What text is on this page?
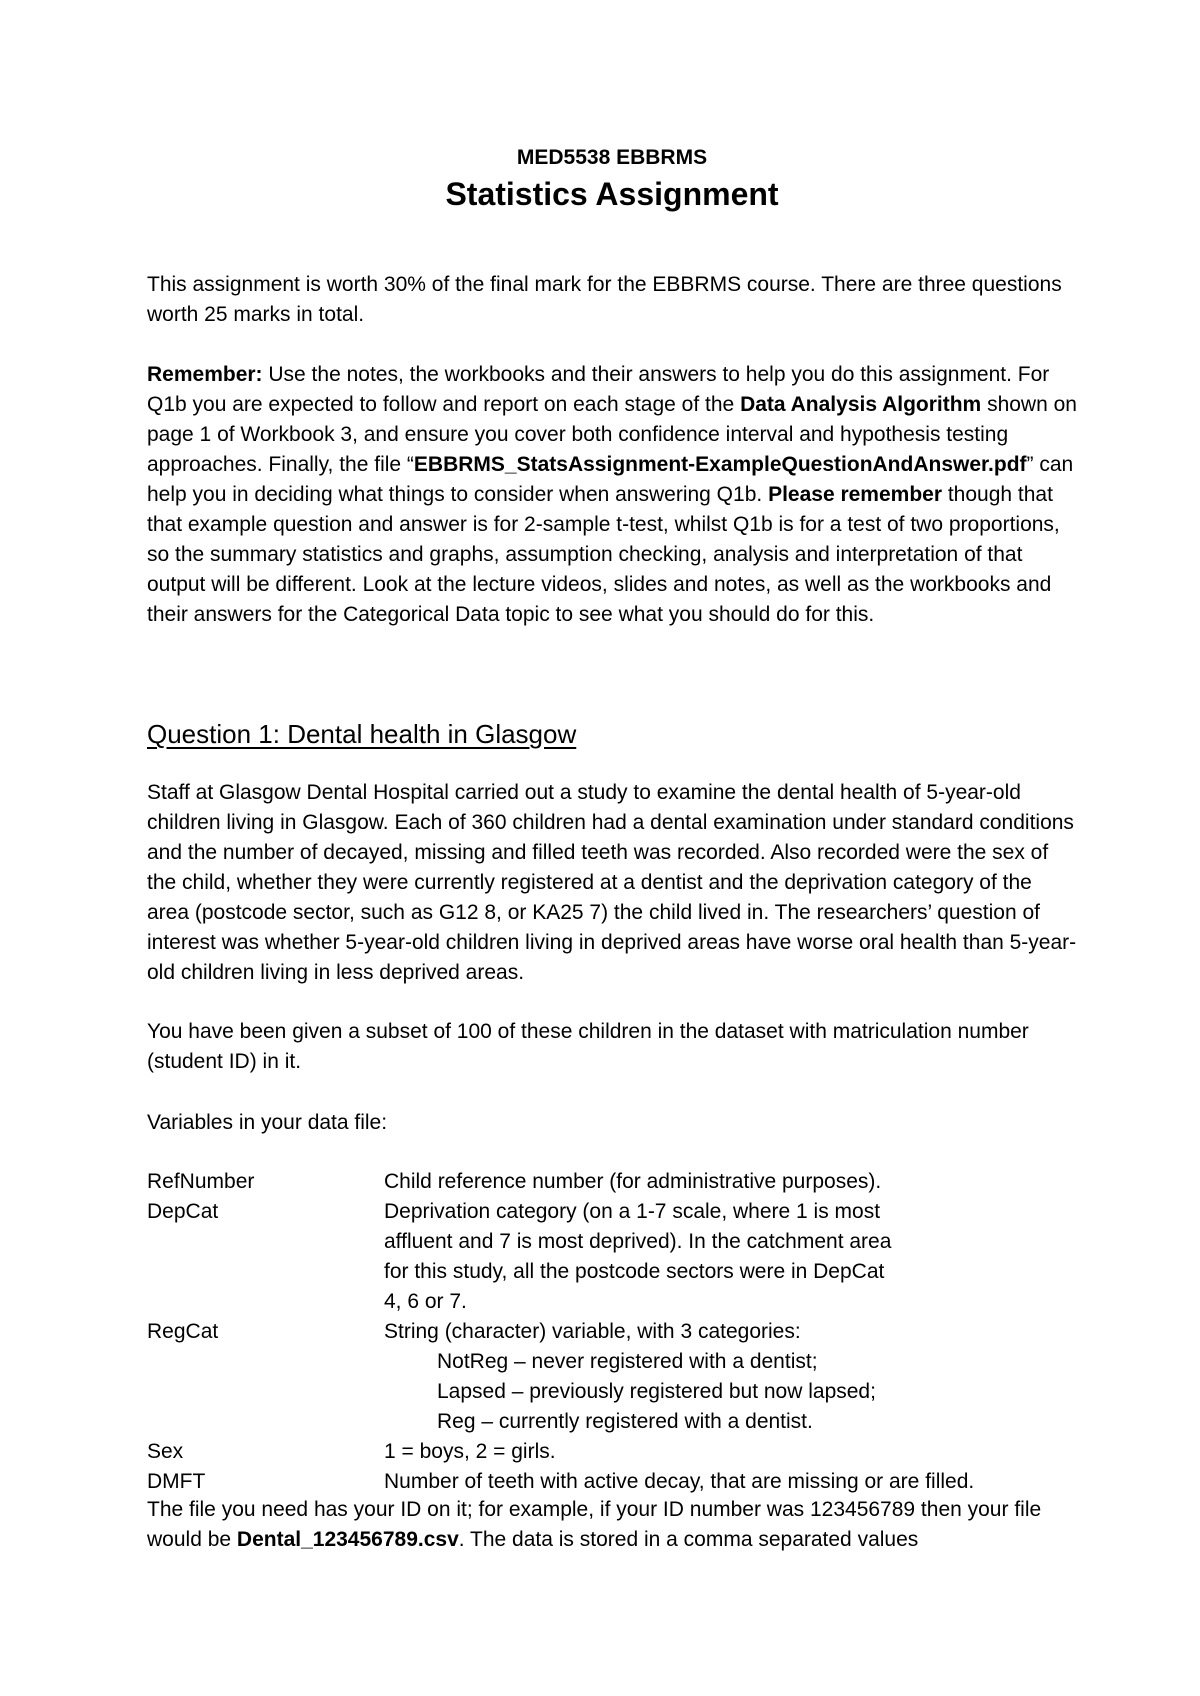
MED5538 EBBRMS
Statistics Assignment

This assignment is worth 30% of the final mark for the EBBRMS course. There are three questions worth 25 marks in total.

Remember: Use the notes, the workbooks and their answers to help you do this assignment. For Q1b you are expected to follow and report on each stage of the Data Analysis Algorithm shown on page 1 of Workbook 3, and ensure you cover both confidence interval and hypothesis testing approaches. Finally, the file “EBBRMS_StatsAssignment-ExampleQuestionAndAnswer.pdf” can help you in deciding what things to consider when answering Q1b. Please remember though that that example question and answer is for 2-sample t-test, whilst Q1b is for a test of two proportions, so the summary statistics and graphs, assumption checking, analysis and interpretation of that output will be different. Look at the lecture videos, slides and notes, as well as the workbooks and their answers for the Categorical Data topic to see what you should do for this.

Question 1: Dental health in Glasgow

Staff at Glasgow Dental Hospital carried out a study to examine the dental health of 5-year-old children living in Glasgow. Each of 360 children had a dental examination under standard conditions and the number of decayed, missing and filled teeth was recorded. Also recorded were the sex of the child, whether they were currently registered at a dentist and the deprivation category of the area (postcode sector, such as G12 8, or KA25 7) the child lived in. The researchers’ question of interest was whether 5-year-old children living in deprived areas have worse oral health than 5-year-old children living in less deprived areas.

You have been given a subset of 100 of these children in the dataset with matriculation number (student ID) in it.

Variables in your data file:

RefNumber	Child reference number (for administrative purposes).
DepCat	Deprivation category (on a 1-7 scale, where 1 is most affluent and 7 is most deprived). In the catchment area for this study, all the postcode sectors were in DepCat 4, 6 or 7.
RegCat	String (character) variable, with 3 categories:
NotReg – never registered with a dentist;
Lapsed – previously registered but now lapsed;
Reg – currently registered with a dentist.
Sex	1 = boys, 2 = girls.
DMFT	Number of teeth with active decay, that are missing or are filled.

The file you need has your ID on it; for example, if your ID number was 123456789 then your file would be Dental_123456789.csv. The data is stored in a comma separated values
